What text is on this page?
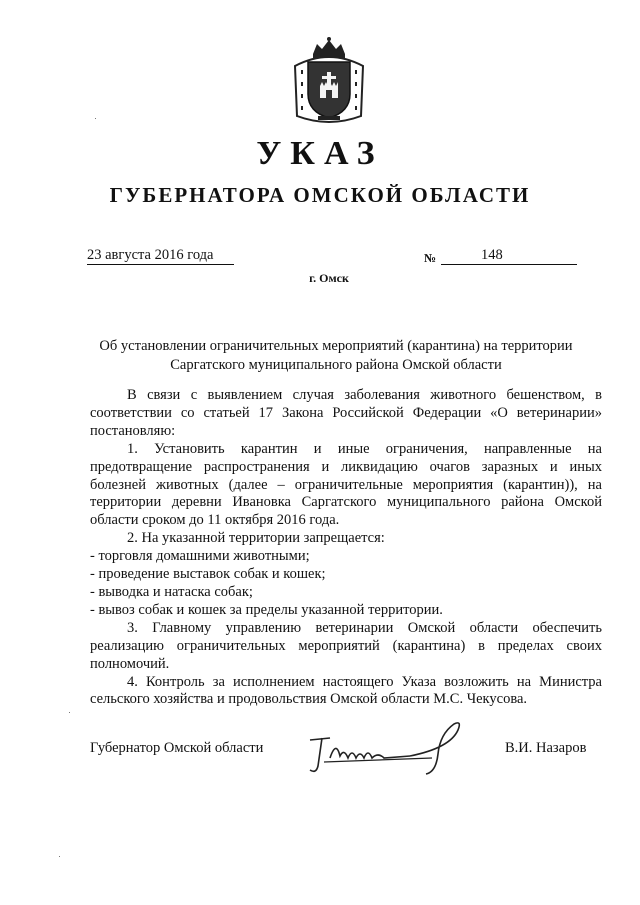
УКАЗ
ГУБЕРНАТОРА ОМСКОЙ ОБЛАСТИ
23 августа 2016 года	№	148
г. Омск
Об установлении ограничительных мероприятий (карантина) на территории Саргатского муниципального района Омской области

В связи с выявлением случая заболевания животного бешенством, в соответствии со статьей 17 Закона Российской Федерации «О ветеринарии» постановляю:

1. Установить карантин и иные ограничения, направленные на предотвращение распространения и ликвидацию очагов заразных и иных болезней животных (далее – ограничительные мероприятия (карантин)), на территории деревни Ивановка Саргатского муниципального района Омской области сроком до 11 октября 2016 года.

2. На указанной территории запрещается:

- торговля домашними животными;

- проведение выставок собак и кошек;

- выводка и натаска собак;

- вывоз собак и кошек за пределы указанной территории.

3. Главному управлению ветеринарии Омской области обеспечить реализацию ограничительных мероприятий (карантина) в пределах своих полномочий.

4. Контроль за исполнением настоящего Указа возложить на Министра сельского хозяйства и продовольствия Омской области М.С. Чекусова.

Губернатор Омской области	В.И. Назаров
